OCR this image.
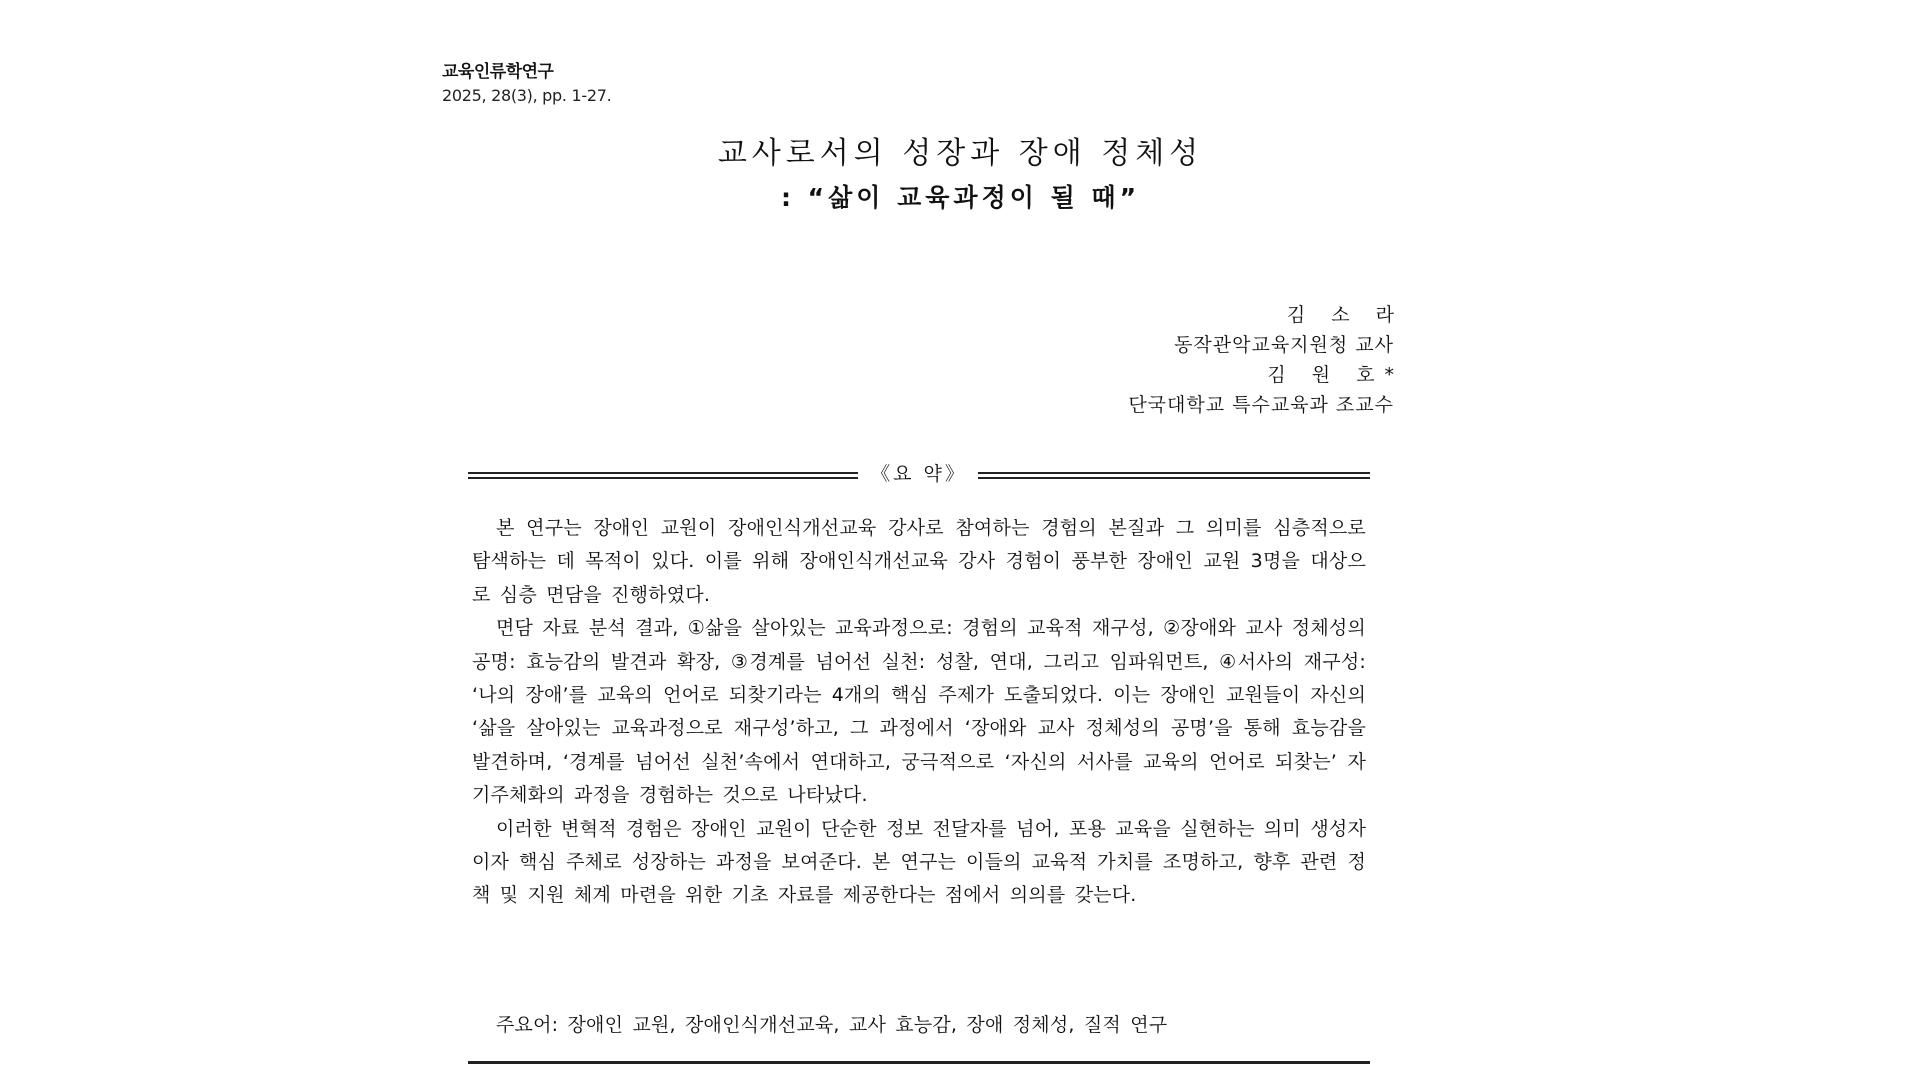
교육인류학연구
2025, 28(3), pp. 1-27.
교사로서의 성장과 장애 정체성
: “삶이 교육과정이 될 때”
김 소 라
동작관악교육지원청 교사
김 원 호*
단국대학교 특수교육과 조교수
《요 약》

본 연구는 장애인 교원이 장애인식개선교육 강사로 참여하는 경험의 본질과 그 의미를 심층적으로 탐색하는 데 목적이 있다. 이를 위해 장애인식개선교육 강사 경험이 풍부한 장애인 교원 3명을 대상으로 심층 면담을 진행하였다.

면담 자료 분석 결과, ①삶을 살아있는 교육과정으로: 경험의 교육적 재구성, ②장애와 교사 정체성의 공명: 효능감의 발견과 확장, ③경계를 넘어선 실천: 성찰, 연대, 그리고 임파워먼트, ④서사의 재구성: ‘나의 장애’를 교육의 언어로 되찾기라는 4개의 핵심 주제가 도출되었다. 이는 장애인 교원들이 자신의 ‘삶을 살아있는 교육과정으로 재구성’하고, 그 과정에서 ‘장애와 교사 정체성의 공명’을 통해 효능감을 발견하며, ‘경계를 넘어선 실천’속에서 연대하고, 궁극적으로 ‘자신의 서사를 교육의 언어로 되찾는’ 자기주체화의 과정을 경험하는 것으로 나타났다.

이러한 변혁적 경험은 장애인 교원이 단순한 정보 전달자를 넘어, 포용 교육을 실현하는 의미 생성자이자 핵심 주체로 성장하는 과정을 보여준다. 본 연구는 이들의 교육적 가치를 조명하고, 향후 관련 정책 및 지원 체계 마련을 위한 기초 자료를 제공한다는 점에서 의의를 갖는다.

주요어: 장애인 교원, 장애인식개선교육, 교사 효능감, 장애 정체성, 질적 연구
